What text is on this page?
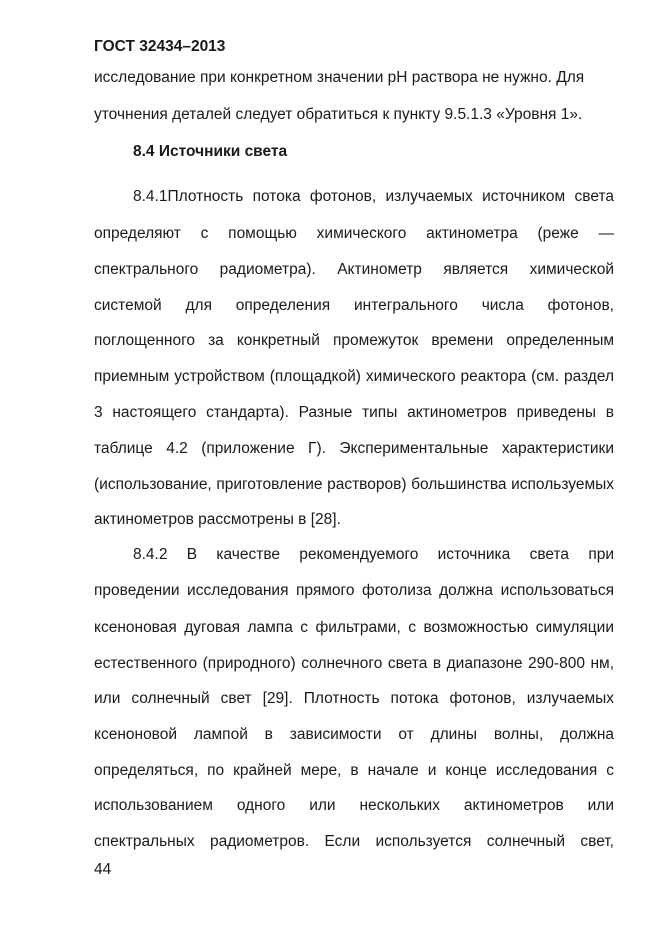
ГОСТ 32434–2013
исследование при конкретном значении рН раствора не нужно. Для
уточнения деталей следует обратиться к пункту 9.5.1.3 «Уровня 1».
8.4 Источники света
8.4.1Плотность потока фотонов, излучаемых источником света
определяют с помощью химического актинометра (реже —
спектрального радиометра). Актинометр является химической
системой для определения интегрального числа фотонов,
поглощенного за конкретный промежуток времени определенным
приемным устройством (площадкой) химического реактора (см. раздел
3 настоящего стандарта). Разные типы актинометров приведены в
таблице 4.2 (приложение Г). Экспериментальные характеристики
(использование, приготовление растворов) большинства используемых
актинометров рассмотрены в [28].
8.4.2 В качестве рекомендуемого источника света при
проведении исследования прямого фотолиза должна использоваться
ксеноновая дуговая лампа с фильтрами, с возможностью симуляции
естественного (природного) солнечного света в диапазоне 290-800 нм,
или солнечный свет [29]. Плотность потока фотонов, излучаемых
ксеноновой лампой в зависимости от длины волны, должна
определяться, по крайней мере, в начале и конце исследования с
использованием одного или нескольких актинометров или
спектральных радиометров. Если используется солнечный свет,
44
